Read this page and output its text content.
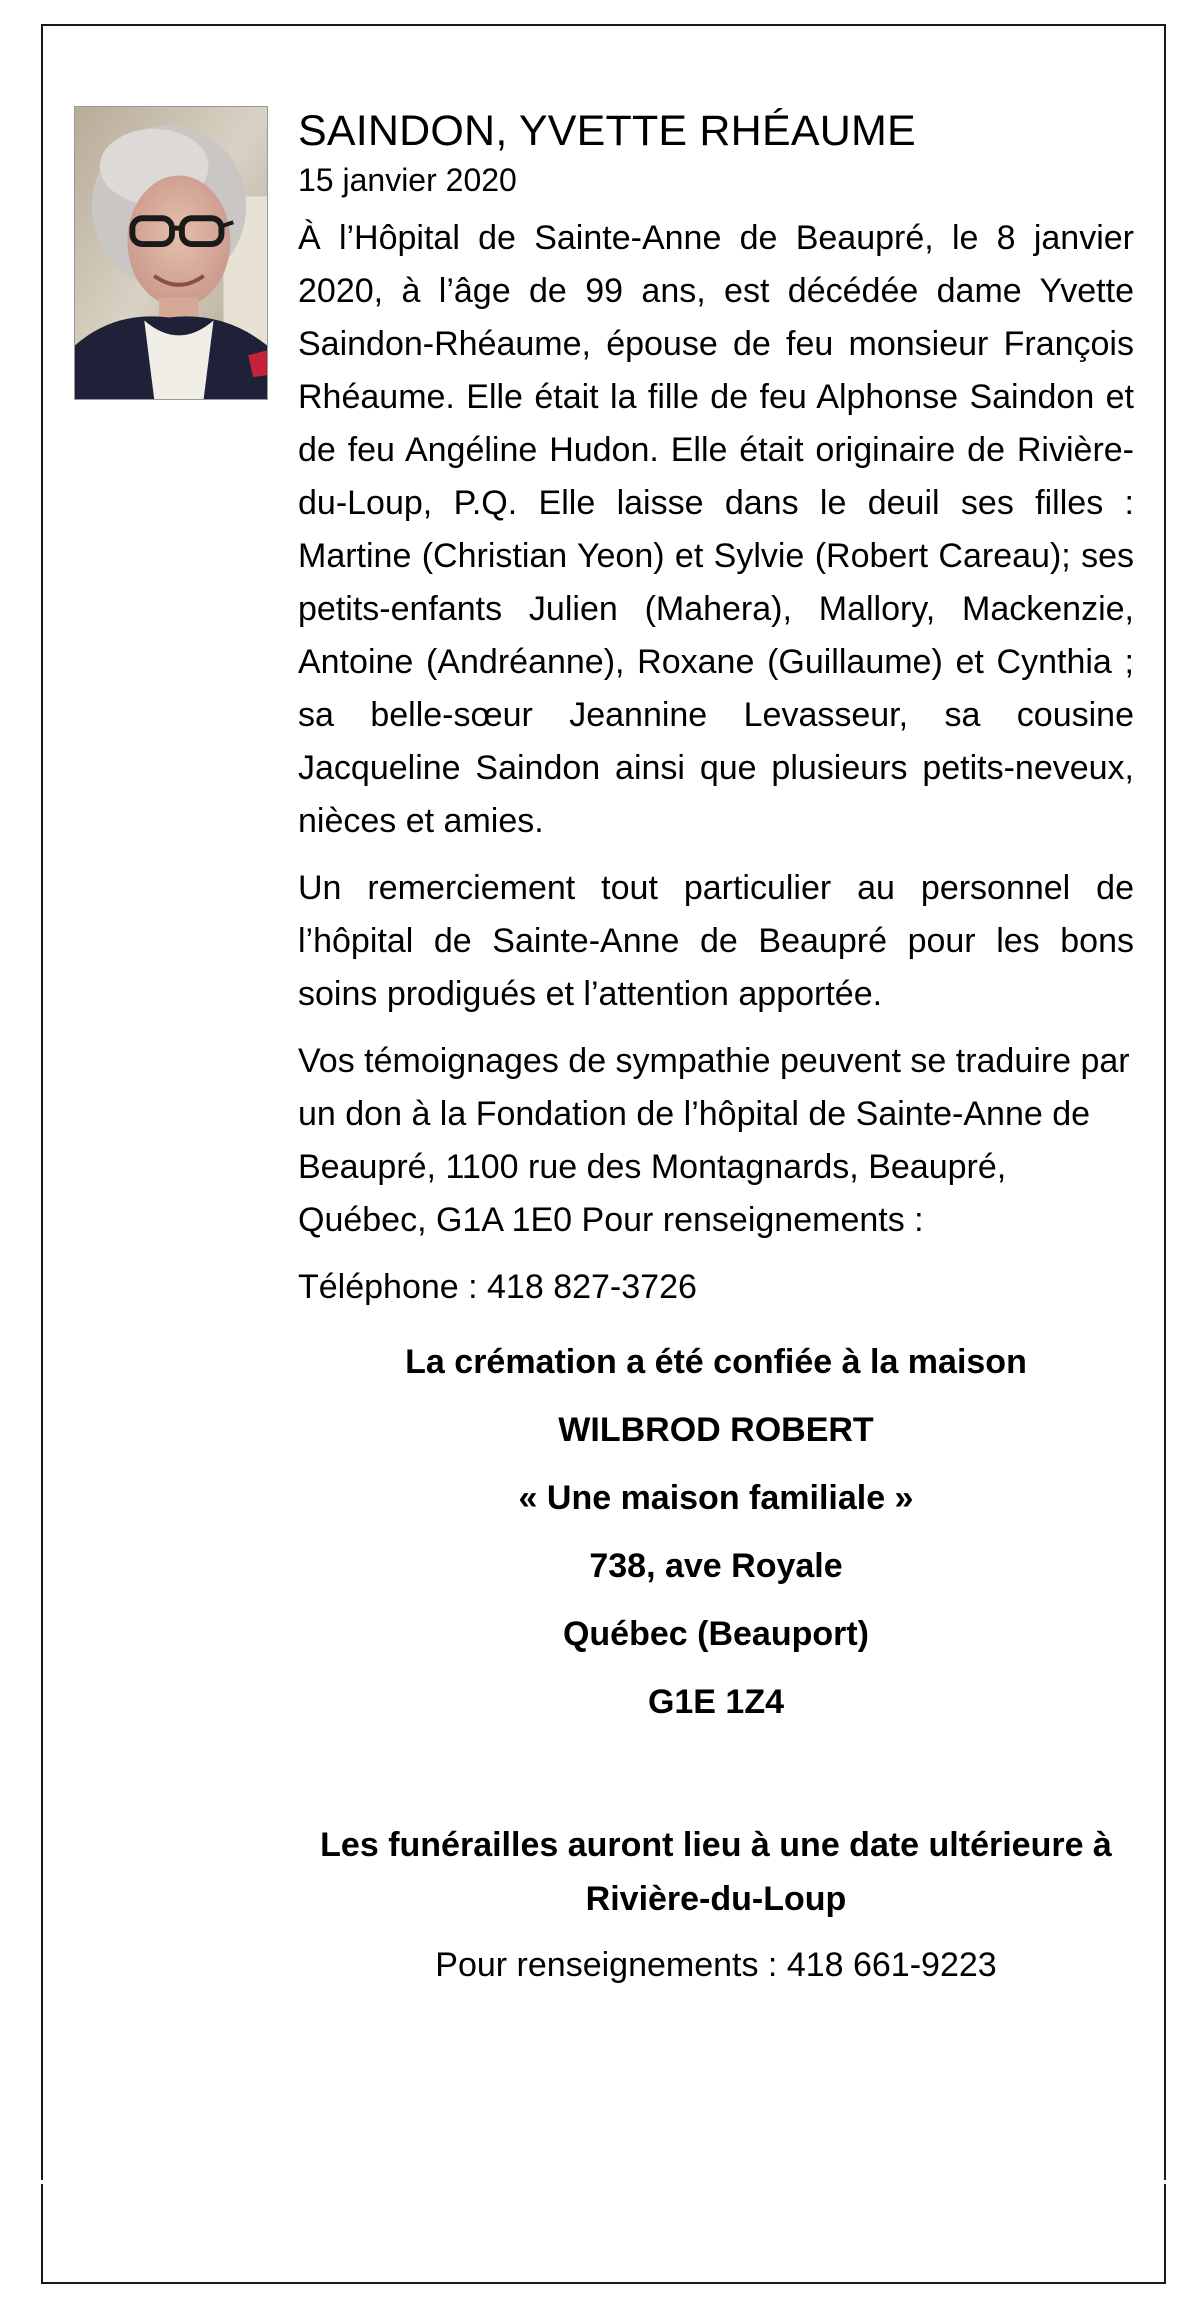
SAINDON, YVETTE RHÉAUME

15 janvier 2020

À l’Hôpital de Sainte-Anne de Beaupré, le 8 janvier 2020, à l’âge de 99 ans, est décédée dame Yvette Saindon-Rhéaume, épouse de feu monsieur François Rhéaume. Elle était la fille de feu Alphonse Saindon et de feu Angéline Hudon. Elle était originaire de Rivière-du-Loup, P.Q. Elle laisse dans le deuil ses filles : Martine (Christian Yeon) et Sylvie (Robert Careau); ses petits-enfants Julien (Mahera), Mallory, Mackenzie, Antoine (Andréanne), Roxane (Guillaume) et Cynthia ; sa belle-sœur Jeannine Levasseur, sa cousine Jacqueline Saindon ainsi que plusieurs petits-neveux, nièces et amies.

Un remerciement tout particulier au personnel de l’hôpital de Sainte-Anne de Beaupré pour les bons soins prodigués et l’attention apportée.

Vos témoignages de sympathie peuvent se traduire par un don à la Fondation de l’hôpital de Sainte-Anne de Beaupré, 1100 rue des Montagnards, Beaupré, Québec, G1A 1E0 Pour renseignements :

Téléphone : 418 827-3726

La crémation a été confiée à la maison
WILBROD ROBERT
« Une maison familiale »
738, ave Royale
Québec (Beauport)
G1E 1Z4
Les funérailles auront lieu à une date ultérieure à Rivière-du-Loup
Pour renseignements : 418 661-9223
